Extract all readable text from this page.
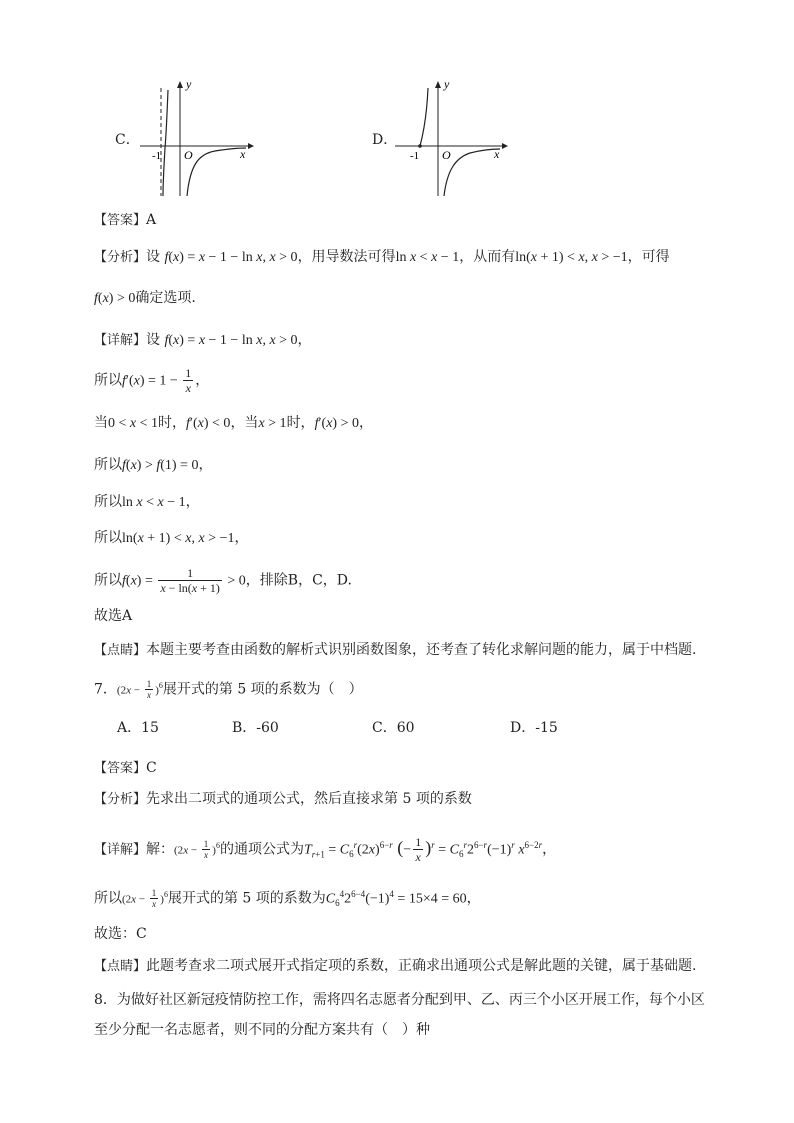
C．
y
x
O
-1
D．
y
x
O
-1
【答案】A
【分析】设 f(x) = x − 1 − ln x, x > 0，用导数法可得ln x < x − 1，从而有ln(x + 1) < x, x > −1，可得
f(x) > 0确定选项.
【详解】设 f(x) = x − 1 − ln x, x > 0，
所以$f'(x) = 1 - \frac{1}{x}$ ，
当0 < x < 1时，f′(x) < 0，当x > 1时，f′(x) > 0，
所以f(x) > f(1) = 0，
所以ln x < x − 1，
所以ln(x + 1) < x, x > −1，
所以$f(x) = \frac{1}{x - \ln(x + 1)} > 0$，排除B，C，D.
故选A
【点睛】本题主要考查由函数的解析式识别函数图象，还考查了转化求解问题的能力，属于中档题.
7．$(2x - \frac{1}{x} )^6$展开式的第 5 项的系数为（　）
A．15	B．-60	C．60	D．-15
【答案】C
【分析】先求出二项式的通项公式，然后直接求第 5 项的系数
【详解】解：$(2x - \frac{1}{x} )^6$的通项公式为$T_{r+1} = C_6^r(2x)^{6-r}$ (− $\frac{1}{x} )^r = C_6^r2^{6-r}(-1)^r$ $x^{6-2r}$，
所以$(2x - \frac{1}{x} )^6$展开式的第 5 项的系数为$C_6^42^{6-4}(-1)^4 = 15\times 4 = 60$，
故选：C
【点睛】此题考查求二项式展开式指定项的系数，正确求出通项公式是解此题的关键，属于基础题.
8．为做好社区新冠疫情防控工作，需将四名志愿者分配到甲、乙、丙三个小区开展工作，每个小区
至少分配一名志愿者，则不同的分配方案共有（　）种
